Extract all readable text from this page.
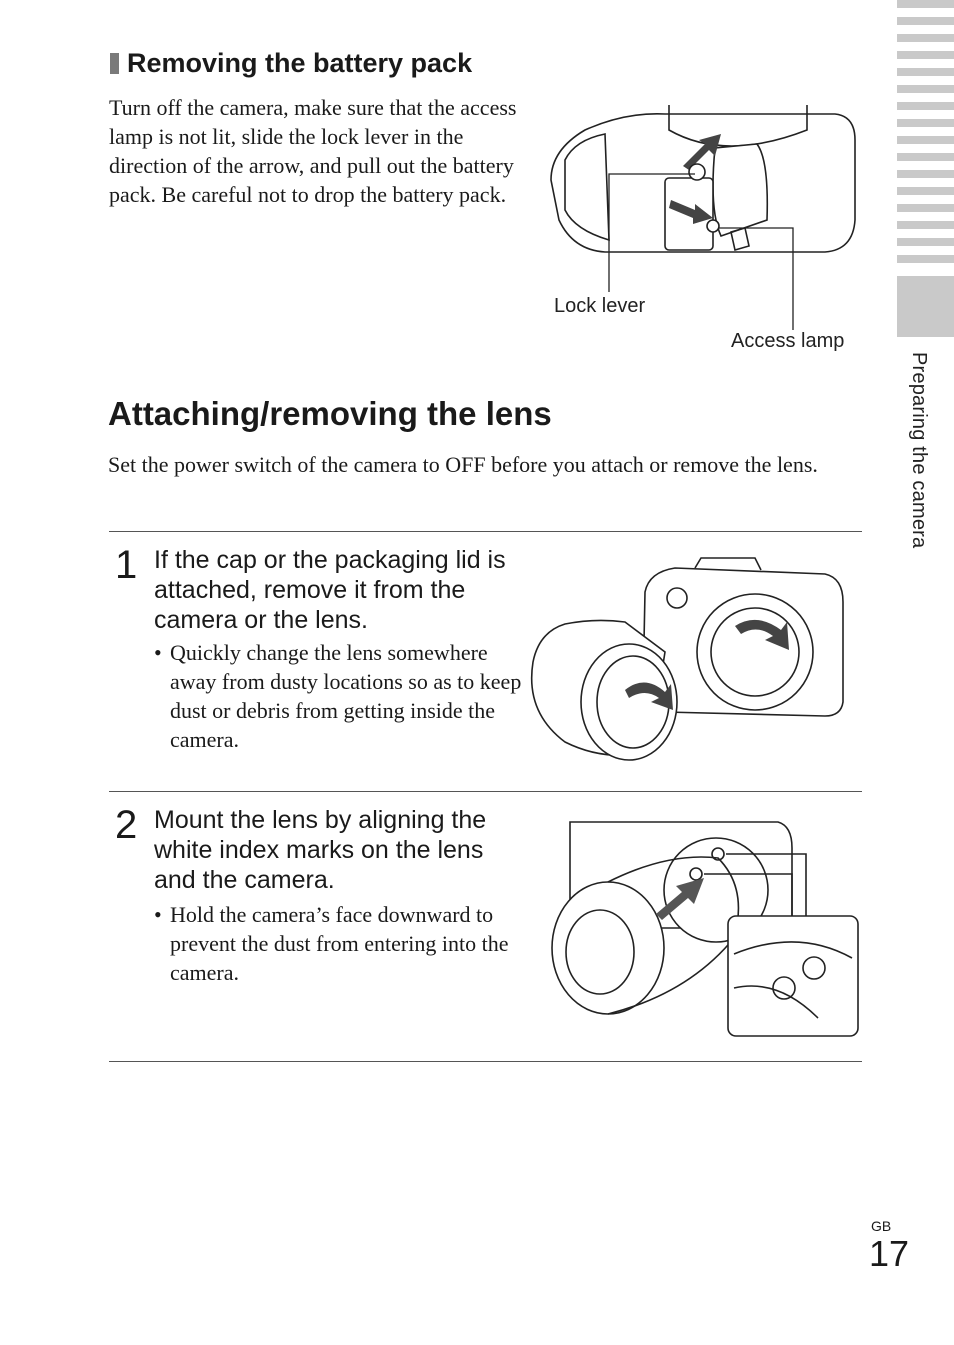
Preparing the camera
Removing the battery pack
Turn off the camera, make sure that the access lamp is not lit, slide the lock lever in the direction of the arrow, and pull out the battery pack. Be careful not to drop the battery pack.
Lock lever
Access lamp
Attaching/removing the lens
Set the power switch of the camera to OFF before you attach or remove the lens.
1 If the cap or the packaging lid is attached, remove it from the camera or the lens.
• Quickly change the lens somewhere away from dusty locations so as to keep dust or debris from getting inside the camera.
2 Mount the lens by aligning the white index marks on the lens and the camera.
• Hold the camera’s face downward to prevent the dust from entering into the camera.
GB
17
